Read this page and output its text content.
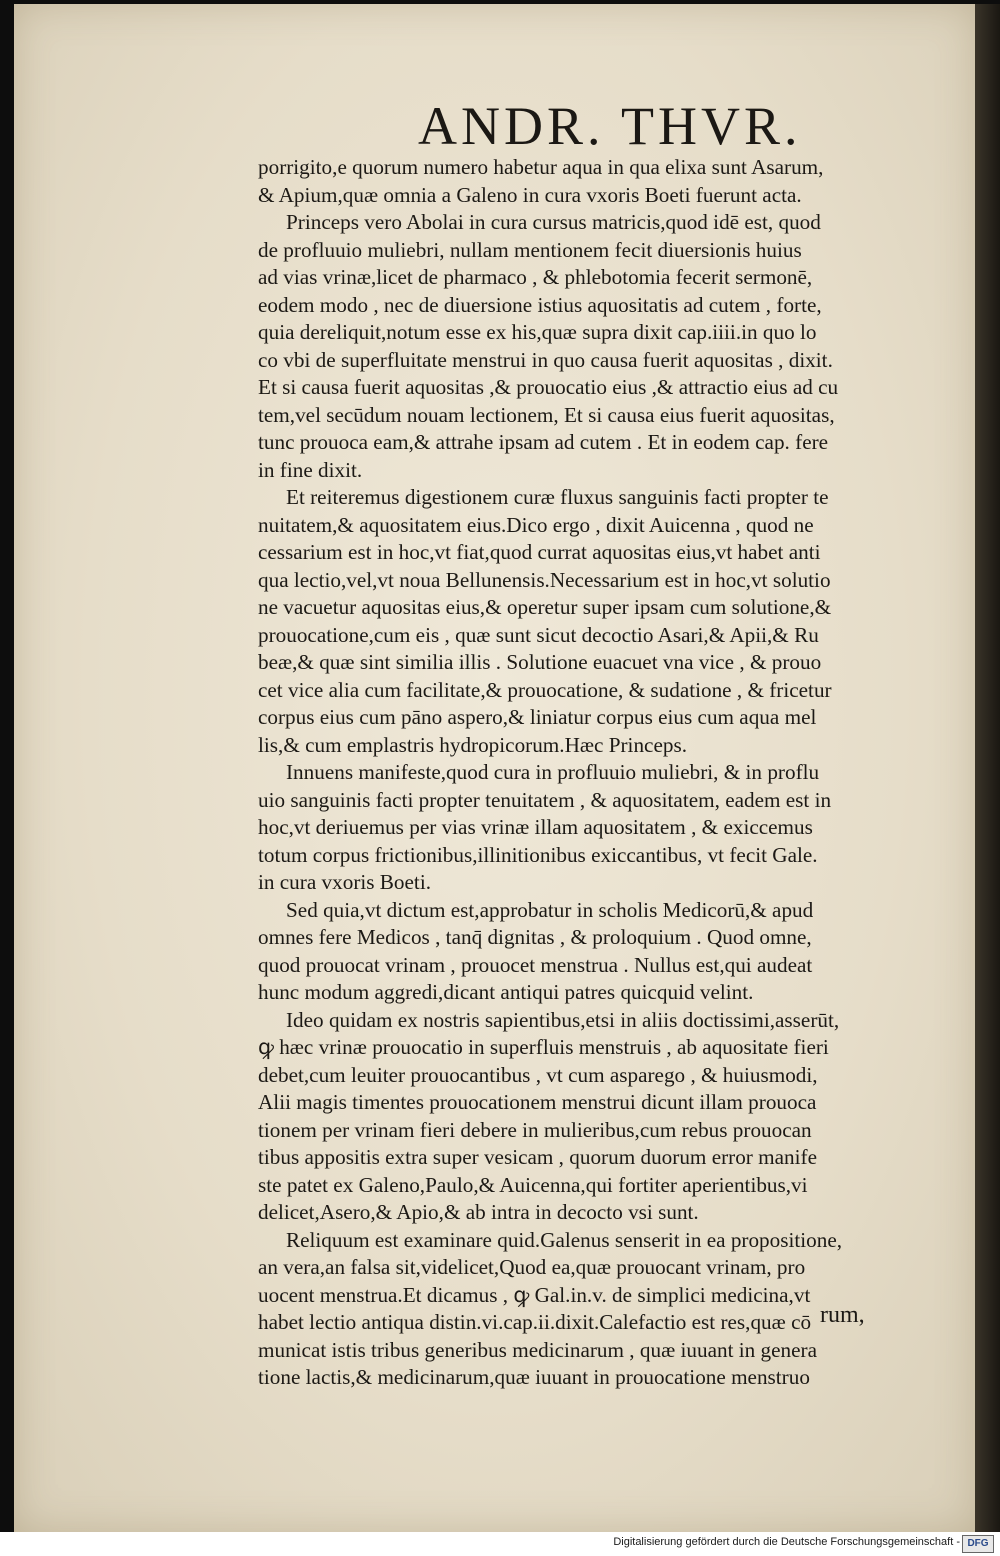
ANDR. THVR.
porrigito,e quorum numero habetur aqua in qua elixa sunt Asarum,
& Apium,quæ omnia a Galeno in cura vxoris Boeti fuerunt acta.
Princeps vero Abolai in cura cursus matricis,quod idē est, quod
de profluuio muliebri, nullam mentionem fecit diuersionis huius
ad vias vrinæ,licet de pharmaco , & phlebotomia fecerit sermonē,
eodem modo , nec de diuersione istius aquositatis ad cutem , forte,
quia dereliquit,notum esse ex his,quæ supra dixit cap.iiii.in quo lo
co vbi de superfluitate menstrui in quo causa fuerit aquositas , dixit.
Et si causa fuerit aquositas ,& prouocatio eius ,& attractio eius ad cu
tem,vel secūdum nouam lectionem, Et si causa eius fuerit aquositas,
tunc prouoca eam,& attrahe ipsam ad cutem . Et in eodem cap. fere
in fine dixit.
Et reiteremus digestionem curæ fluxus sanguinis facti propter te
nuitatem,& aquositatem eius.Dico ergo , dixit Auicenna , quod ne
cessarium est in hoc,vt fiat,quod currat aquositas eius,vt habet anti
qua lectio,vel,vt noua Bellunensis.Necessarium est in hoc,vt solutio
ne vacuetur aquositas eius,& operetur super ipsam cum solutione,&
prouocatione,cum eis , quæ sunt sicut decoctio Asari,& Apii,& Ru
beæ,& quæ sint similia illis . Solutione euacuet vna vice , & prouo
cet vice alia cum facilitate,& prouocatione, & sudatione , & fricetur
corpus eius cum pāno aspero,& liniatur corpus eius cum aqua mel
lis,& cum emplastris hydropicorum.Hæc Princeps.
Innuens manifeste,quod cura in profluuio muliebri, & in proflu
uio sanguinis facti propter tenuitatem , & aquositatem, eadem est in
hoc,vt deriuemus per vias vrinæ illam aquositatem , & exiccemus
totum corpus frictionibus,illinitionibus exiccantibus, vt fecit Gale.
in cura vxoris Boeti.
Sed quia,vt dictum est,approbatur in scholis Medicorū,& apud
omnes fere Medicos , tanq̄ dignitas , & proloquium . Quod omne,
quod prouocat vrinam , prouocet menstrua . Nullus est,qui audeat
hunc modum aggredi,dicant antiqui patres quicquid velint.
Ideo quidam ex nostris sapientibus,etsi in aliis doctissimi,asserūt,
ꝙ hæc vrinæ prouocatio in superfluis menstruis , ab aquositate fieri
debet,cum leuiter prouocantibus , vt cum asparego , & huiusmodi,
Alii magis timentes prouocationem menstrui dicunt illam prouoca
tionem per vrinam fieri debere in mulieribus,cum rebus prouocan
tibus appositis extra super vesicam , quorum duorum error manife
ste patet ex Galeno,Paulo,& Auicenna,qui fortiter aperientibus,vi
delicet,Asero,& Apio,& ab intra in decocto vsi sunt.
Reliquum est examinare quid.Galenus senserit in ea propositione,
an vera,an falsa sit,videlicet,Quod ea,quæ prouocant vrinam, pro
uocent menstrua.Et dicamus , ꝙ Gal.in.v. de simplici medicina,vt
habet lectio antiqua distin.vi.cap.ii.dixit.Calefactio est res,quæ cō
municat istis tribus generibus medicinarum , quæ iuuant in genera
tione lactis,& medicinarum,quæ iuuant in prouocatione menstruo
rum,
Digitalisierung gefördert durch die Deutsche Forschungsgemeinschaft - DFG
